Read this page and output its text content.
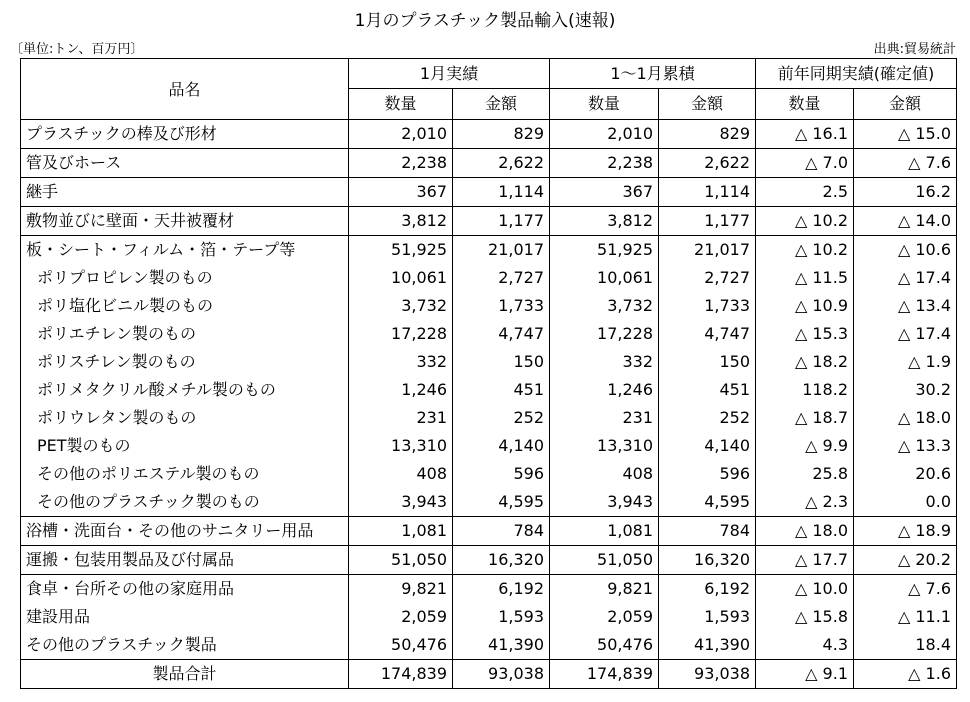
1月のプラスチック製品輸入(速報)
〔単位:トン、百万円〕	出典:貿易統計
品名	1月実績		1～1月累積		前年同期実績(確定値)	
	数量	金額	数量	金額	数量	金額
プラスチックの棒及び形材	2,010	829	2,010	829	△ 16.1	△ 15.0
管及びホース	2,238	2,622	2,238	2,622	△ 7.0	△ 7.6
継手	367	1,114	367	1,114	2.5	16.2
敷物並びに壁面・天井被覆材	3,812	1,177	3,812	1,177	△ 10.2	△ 14.0
板・シート・フィルム・箔・テープ等	51,925	21,017	51,925	21,017	△ 10.2	△ 10.6
ポリプロピレン製のもの	10,061	2,727	10,061	2,727	△ 11.5	△ 17.4
ポリ塩化ビニル製のもの	3,732	1,733	3,732	1,733	△ 10.9	△ 13.4
ポリエチレン製のもの	17,228	4,747	17,228	4,747	△ 15.3	△ 17.4
ポリスチレン製のもの	332	150	332	150	△ 18.2	△ 1.9
ポリメタクリル酸メチル製のもの	1,246	451	1,246	451	118.2	30.2
ポリウレタン製のもの	231	252	231	252	△ 18.7	△ 18.0
PET製のもの	13,310	4,140	13,310	4,140	△ 9.9	△ 13.3
その他のポリエステル製のもの	408	596	408	596	25.8	20.6
その他のプラスチック製のもの	3,943	4,595	3,943	4,595	△ 2.3	0.0
浴槽・洗面台・その他のサニタリー用品	1,081	784	1,081	784	△ 18.0	△ 18.9
運搬・包装用製品及び付属品	51,050	16,320	51,050	16,320	△ 17.7	△ 20.2
食卓・台所その他の家庭用品	9,821	6,192	9,821	6,192	△ 10.0	△ 7.6
建設用品	2,059	1,593	2,059	1,593	△ 15.8	△ 11.1
その他のプラスチック製品	50,476	41,390	50,476	41,390	4.3	18.4
製品合計	174,839	93,038	174,839	93,038	△ 9.1	△ 1.6
